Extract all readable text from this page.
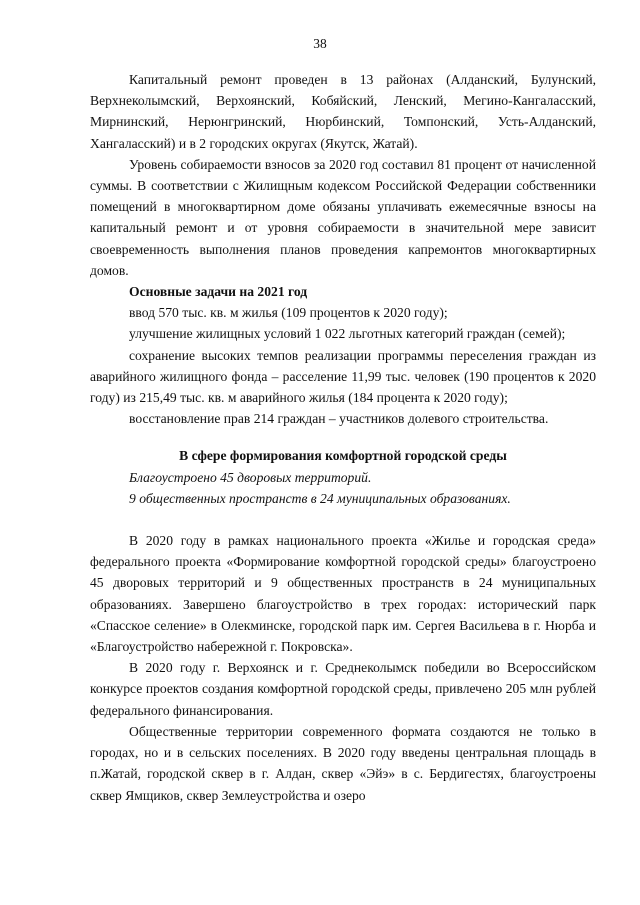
38

Капитальный ремонт проведен в 13 районах (Алданский, Булунский, Верхнеколымский, Верхоянский, Кобяйский, Ленский, Мегино-Кангаласский, Мирнинский, Нерюнгринский, Нюрбинский, Томпонский, Усть-Алданский, Хангаласский) и в 2 городских округах (Якутск, Жатай).

Уровень собираемости взносов за 2020 год составил 81 процент от начисленной суммы. В соответствии с Жилищным кодексом Российской Федерации собственники помещений в многоквартирном доме обязаны уплачивать ежемесячные взносы на капитальный ремонт и от уровня собираемости в значительной мере зависит своевременность выполнения планов проведения капремонтов многоквартирных домов.

Основные задачи на 2021 год

ввод 570 тыс. кв. м жилья (109 процентов к 2020 году);

улучшение жилищных условий 1 022 льготных категорий граждан (семей);

сохранение высоких темпов реализации программы переселения граждан из аварийного жилищного фонда – расселение 11,99 тыс. человек (190 процентов к 2020 году) из 215,49 тыс. кв. м аварийного жилья (184 процента к 2020 году);

восстановление прав 214 граждан – участников долевого строительства.

В сфере формирования комфортной городской среды

Благоустроено 45 дворовых территорий.

9 общественных пространств в 24 муниципальных образованиях.

В 2020 году в рамках национального проекта «Жилье и городская среда» федерального проекта «Формирование комфортной городской среды» благоустроено 45 дворовых территорий и 9 общественных пространств в 24 муниципальных образованиях. Завершено благоустройство в трех городах: исторический парк «Спасское селение» в Олекминске, городской парк им. Сергея Васильева в г. Нюрба и «Благоустройство набережной г. Покровска».

В 2020 году г. Верхоянск и г. Среднеколымск победили во Всероссийском конкурсе проектов создания комфортной городской среды, привлечено 205 млн рублей федерального финансирования.

Общественные территории современного формата создаются не только в городах, но и в сельских поселениях. В 2020 году введены центральная площадь в п.Жатай, городской сквер в г. Алдан, сквер «Эйэ» в с. Бердигестях, благоустроены сквер Ямщиков, сквер Землеустройства и озеро
